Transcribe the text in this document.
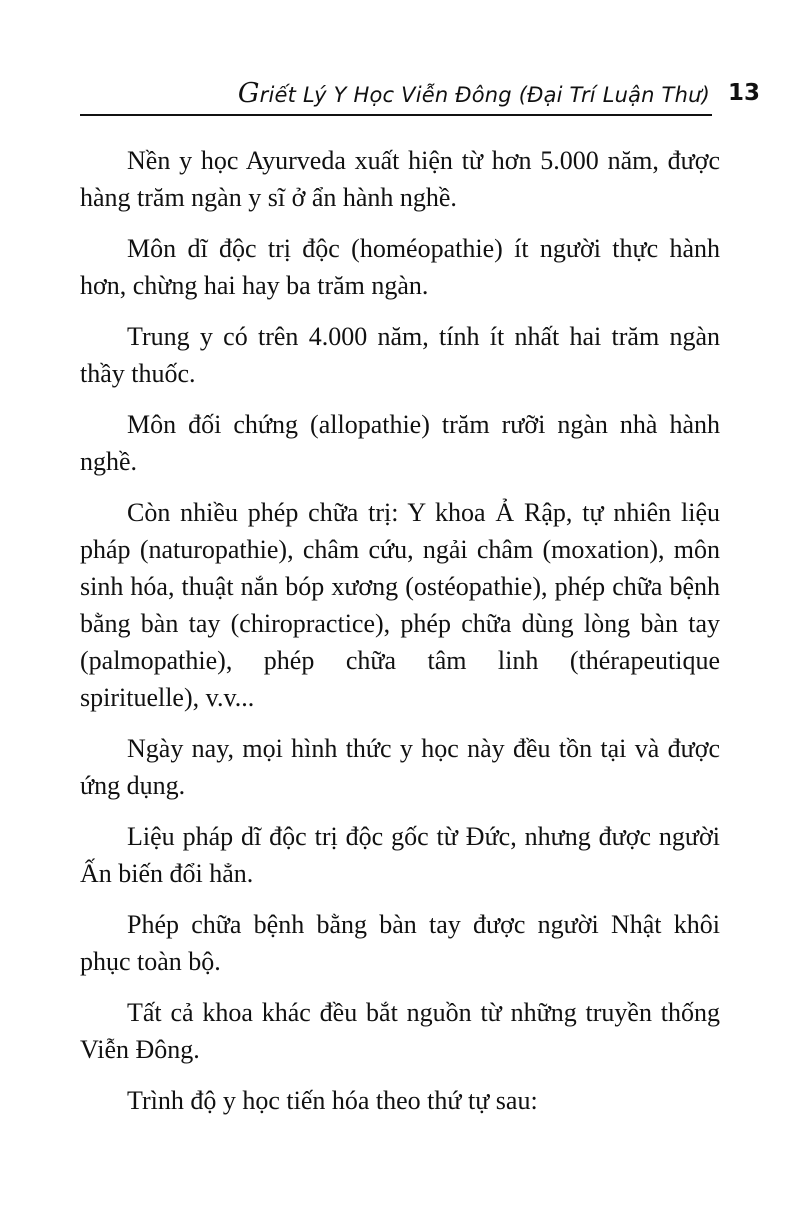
Griết Lý Y Học Viễn Đông (Đại Trí Luận Thư) 13

Nền y học Ayurveda xuất hiện từ hơn 5.000 năm, được hàng trăm ngàn y sĩ ở ẩn hành nghề.

Môn dĩ độc trị độc (homéopathie) ít người thực hành hơn, chừng hai hay ba trăm ngàn.

Trung y có trên 4.000 năm, tính ít nhất hai trăm ngàn thầy thuốc.

Môn đối chứng (allopathie) trăm rưỡi ngàn nhà hành nghề.

Còn nhiều phép chữa trị: Y khoa Ả Rập, tự nhiên liệu pháp (naturopathie), châm cứu, ngải châm (moxation), môn sinh hóa, thuật nắn bóp xương (ostéopathie), phép chữa bệnh bằng bàn tay (chiropractice), phép chữa dùng lòng bàn tay (palmopathie), phép chữa tâm linh (thérapeutique spirituelle), v.v...

Ngày nay, mọi hình thức y học này đều tồn tại và được ứng dụng.

Liệu pháp dĩ độc trị độc gốc từ Đức, nhưng được người Ấn biến đổi hẳn.

Phép chữa bệnh bằng bàn tay được người Nhật khôi phục toàn bộ.

Tất cả khoa khác đều bắt nguồn từ những truyền thống Viễn Đông.

Trình độ y học tiến hóa theo thứ tự sau:
